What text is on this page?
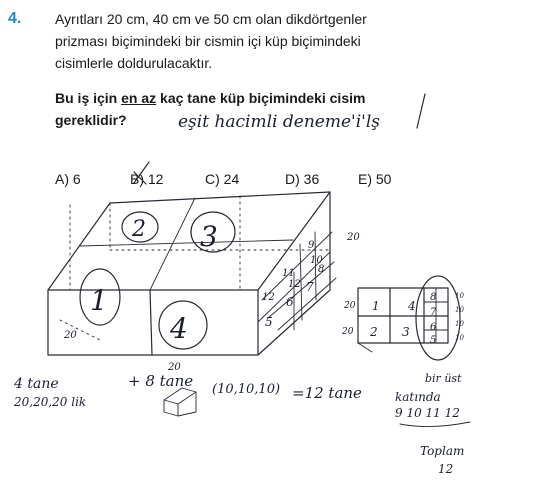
4. Ayrıtları 20 cm, 40 cm ve 50 cm olan dikdörtgenler
prizması biçimindeki bir cismin içi küp biçimindeki
cisimlerle doldurulacaktır.
Bu iş için en az kaç tane küp biçimindeki cisim
gereklidir?
A) 6	B) 12	C) 24	D) 36	E) 50
eşit hacimli deneme'i'lş
2 3
1
4
20
20
20
9
10
11
12
8
7
6
5
12
1
2 3
4
8
7
6
5
20
20
10
10
10
10
4 tane
20,20,20 lik
+ 8 tane (10,10,10) =12 tane
bir üst
katında
9 10 11 12
Toplam
12
